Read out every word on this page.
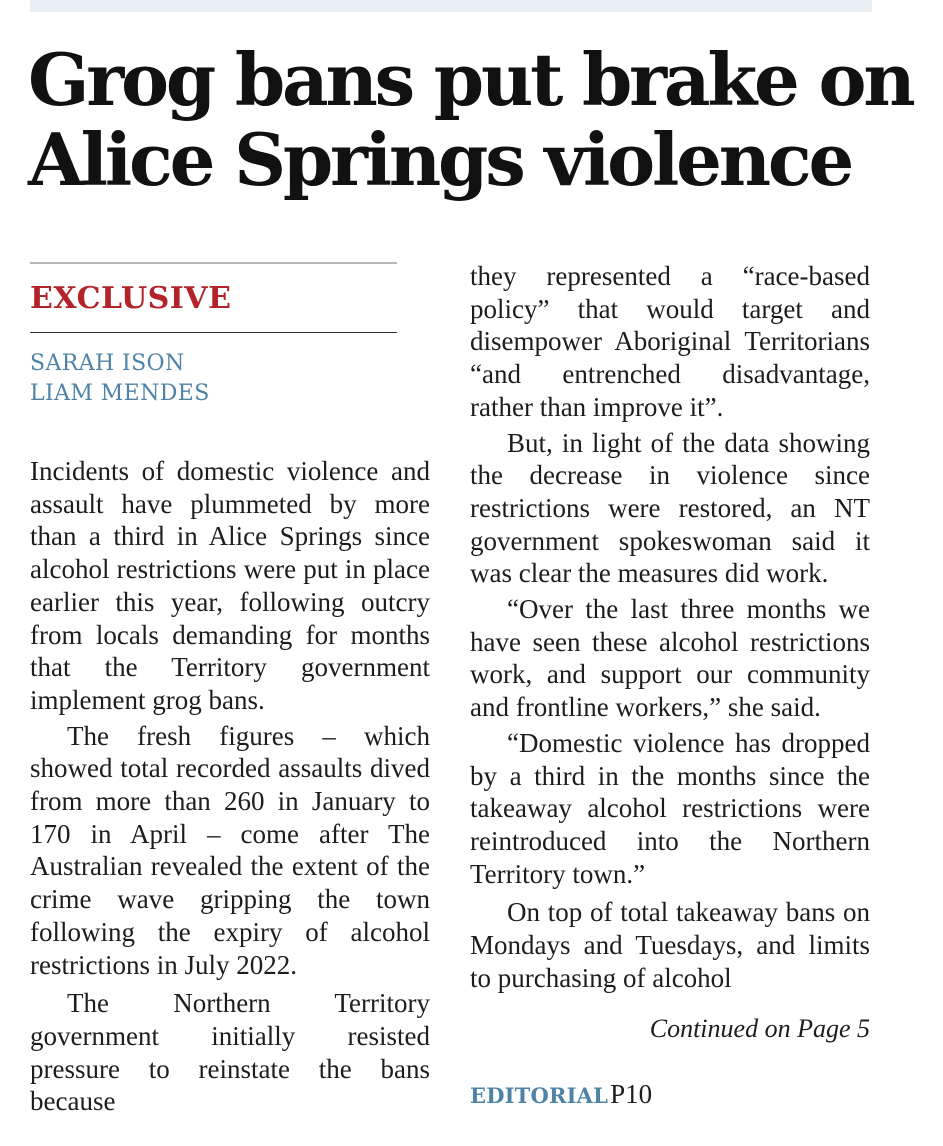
Grog bans put brake on
Alice Springs violence
EXCLUSIVE
SARAH ISON
LIAM MENDES

Incidents of domestic violence and assault have plummeted by more than a third in Alice Springs since alcohol restrictions were put in place earlier this year, following outcry from locals demanding for months that the Territory government implement grog bans.

The fresh figures – which showed total recorded assaults dived from more than 260 in January to 170 in April – come after The Australian revealed the extent of the crime wave gripping the town following the expiry of alcohol restrictions in July 2022.

The Northern Territory government initially resisted pressure to reinstate the bans because

they represented a “race-based policy” that would target and disempower Aboriginal Territorians “and entrenched disadvantage, rather than improve it”.

But, in light of the data showing the decrease in violence since restrictions were restored, an NT government spokeswoman said it was clear the measures did work.

“Over the last three months we have seen these alcohol restrictions work, and support our community and frontline workers,” she said.

“Domestic violence has dropped by a third in the months since the takeaway alcohol restrictions were reintroduced into the Northern Territory town.”

On top of total takeaway bans on Mondays and Tuesdays, and limits to purchasing of alcohol

Continued on Page 5
EDITORIALP10
